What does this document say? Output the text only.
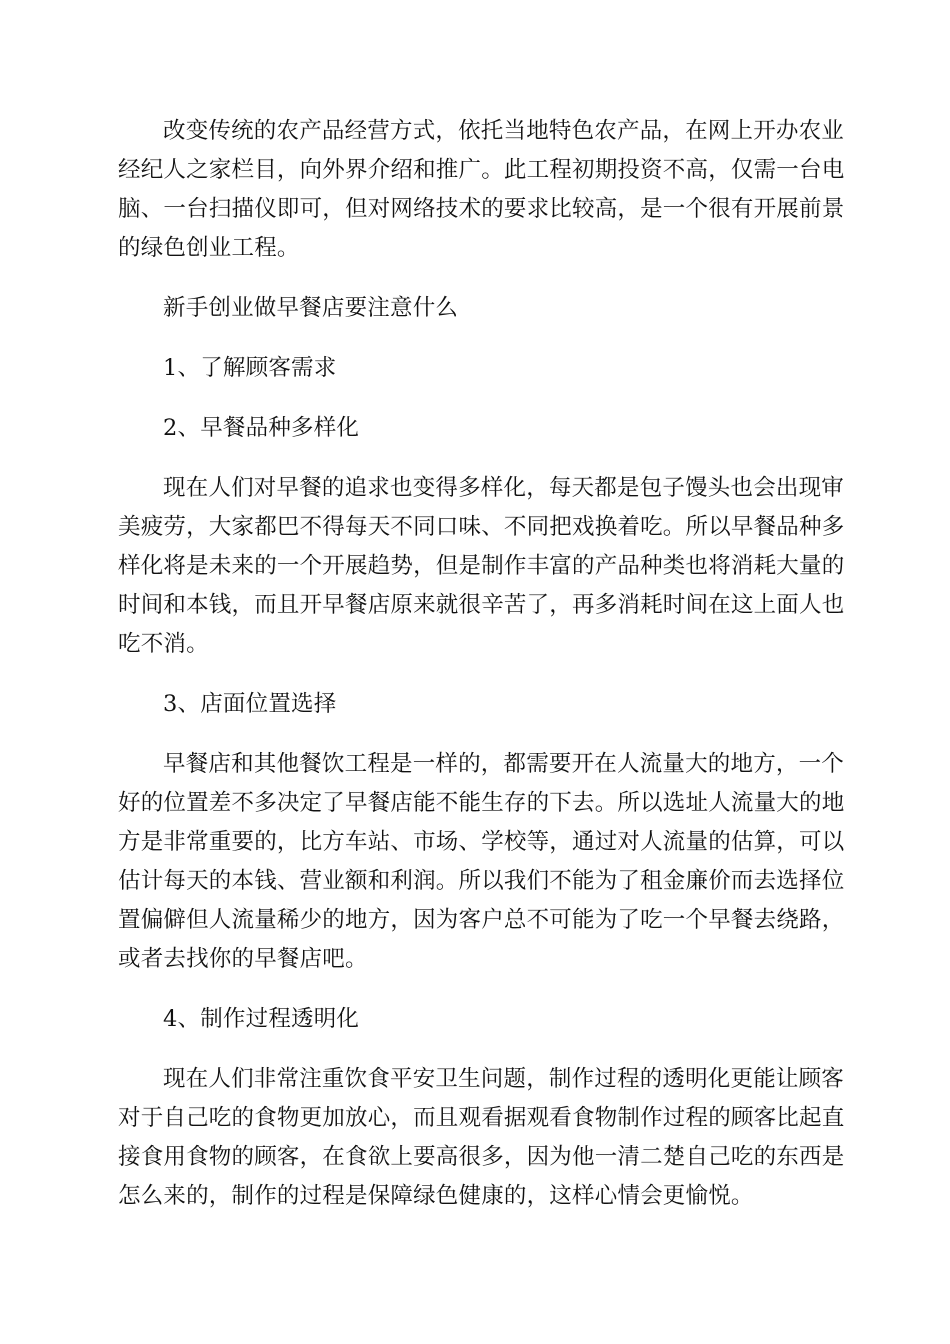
改变传统的农产品经营方式，依托当地特色农产品，在网上开办农业
经纪人之家栏目，向外界介绍和推广。此工程初期投资不高，仅需一台电
脑、一台扫描仪即可，但对网络技术的要求比较高，是一个很有开展前景
的绿色创业工程。
新手创业做早餐店要注意什么
1、了解顾客需求
2、早餐品种多样化
现在人们对早餐的追求也变得多样化，每天都是包子馒头也会出现审
美疲劳，大家都巴不得每天不同口味、不同把戏换着吃。所以早餐品种多
样化将是未来的一个开展趋势，但是制作丰富的产品种类也将消耗大量的
时间和本钱，而且开早餐店原来就很辛苦了，再多消耗时间在这上面人也
吃不消。
3、店面位置选择
早餐店和其他餐饮工程是一样的，都需要开在人流量大的地方，一个
好的位置差不多决定了早餐店能不能生存的下去。所以选址人流量大的地
方是非常重要的，比方车站、市场、学校等，通过对人流量的估算，可以
估计每天的本钱、营业额和利润。所以我们不能为了租金廉价而去选择位
置偏僻但人流量稀少的地方，因为客户总不可能为了吃一个早餐去绕路，
或者去找你的早餐店吧。
4、制作过程透明化
现在人们非常注重饮食平安卫生问题，制作过程的透明化更能让顾客
对于自己吃的食物更加放心，而且观看据观看食物制作过程的顾客比起直
接食用食物的顾客，在食欲上要高很多，因为他一清二楚自己吃的东西是
怎么来的，制作的过程是保障绿色健康的，这样心情会更愉悦。
